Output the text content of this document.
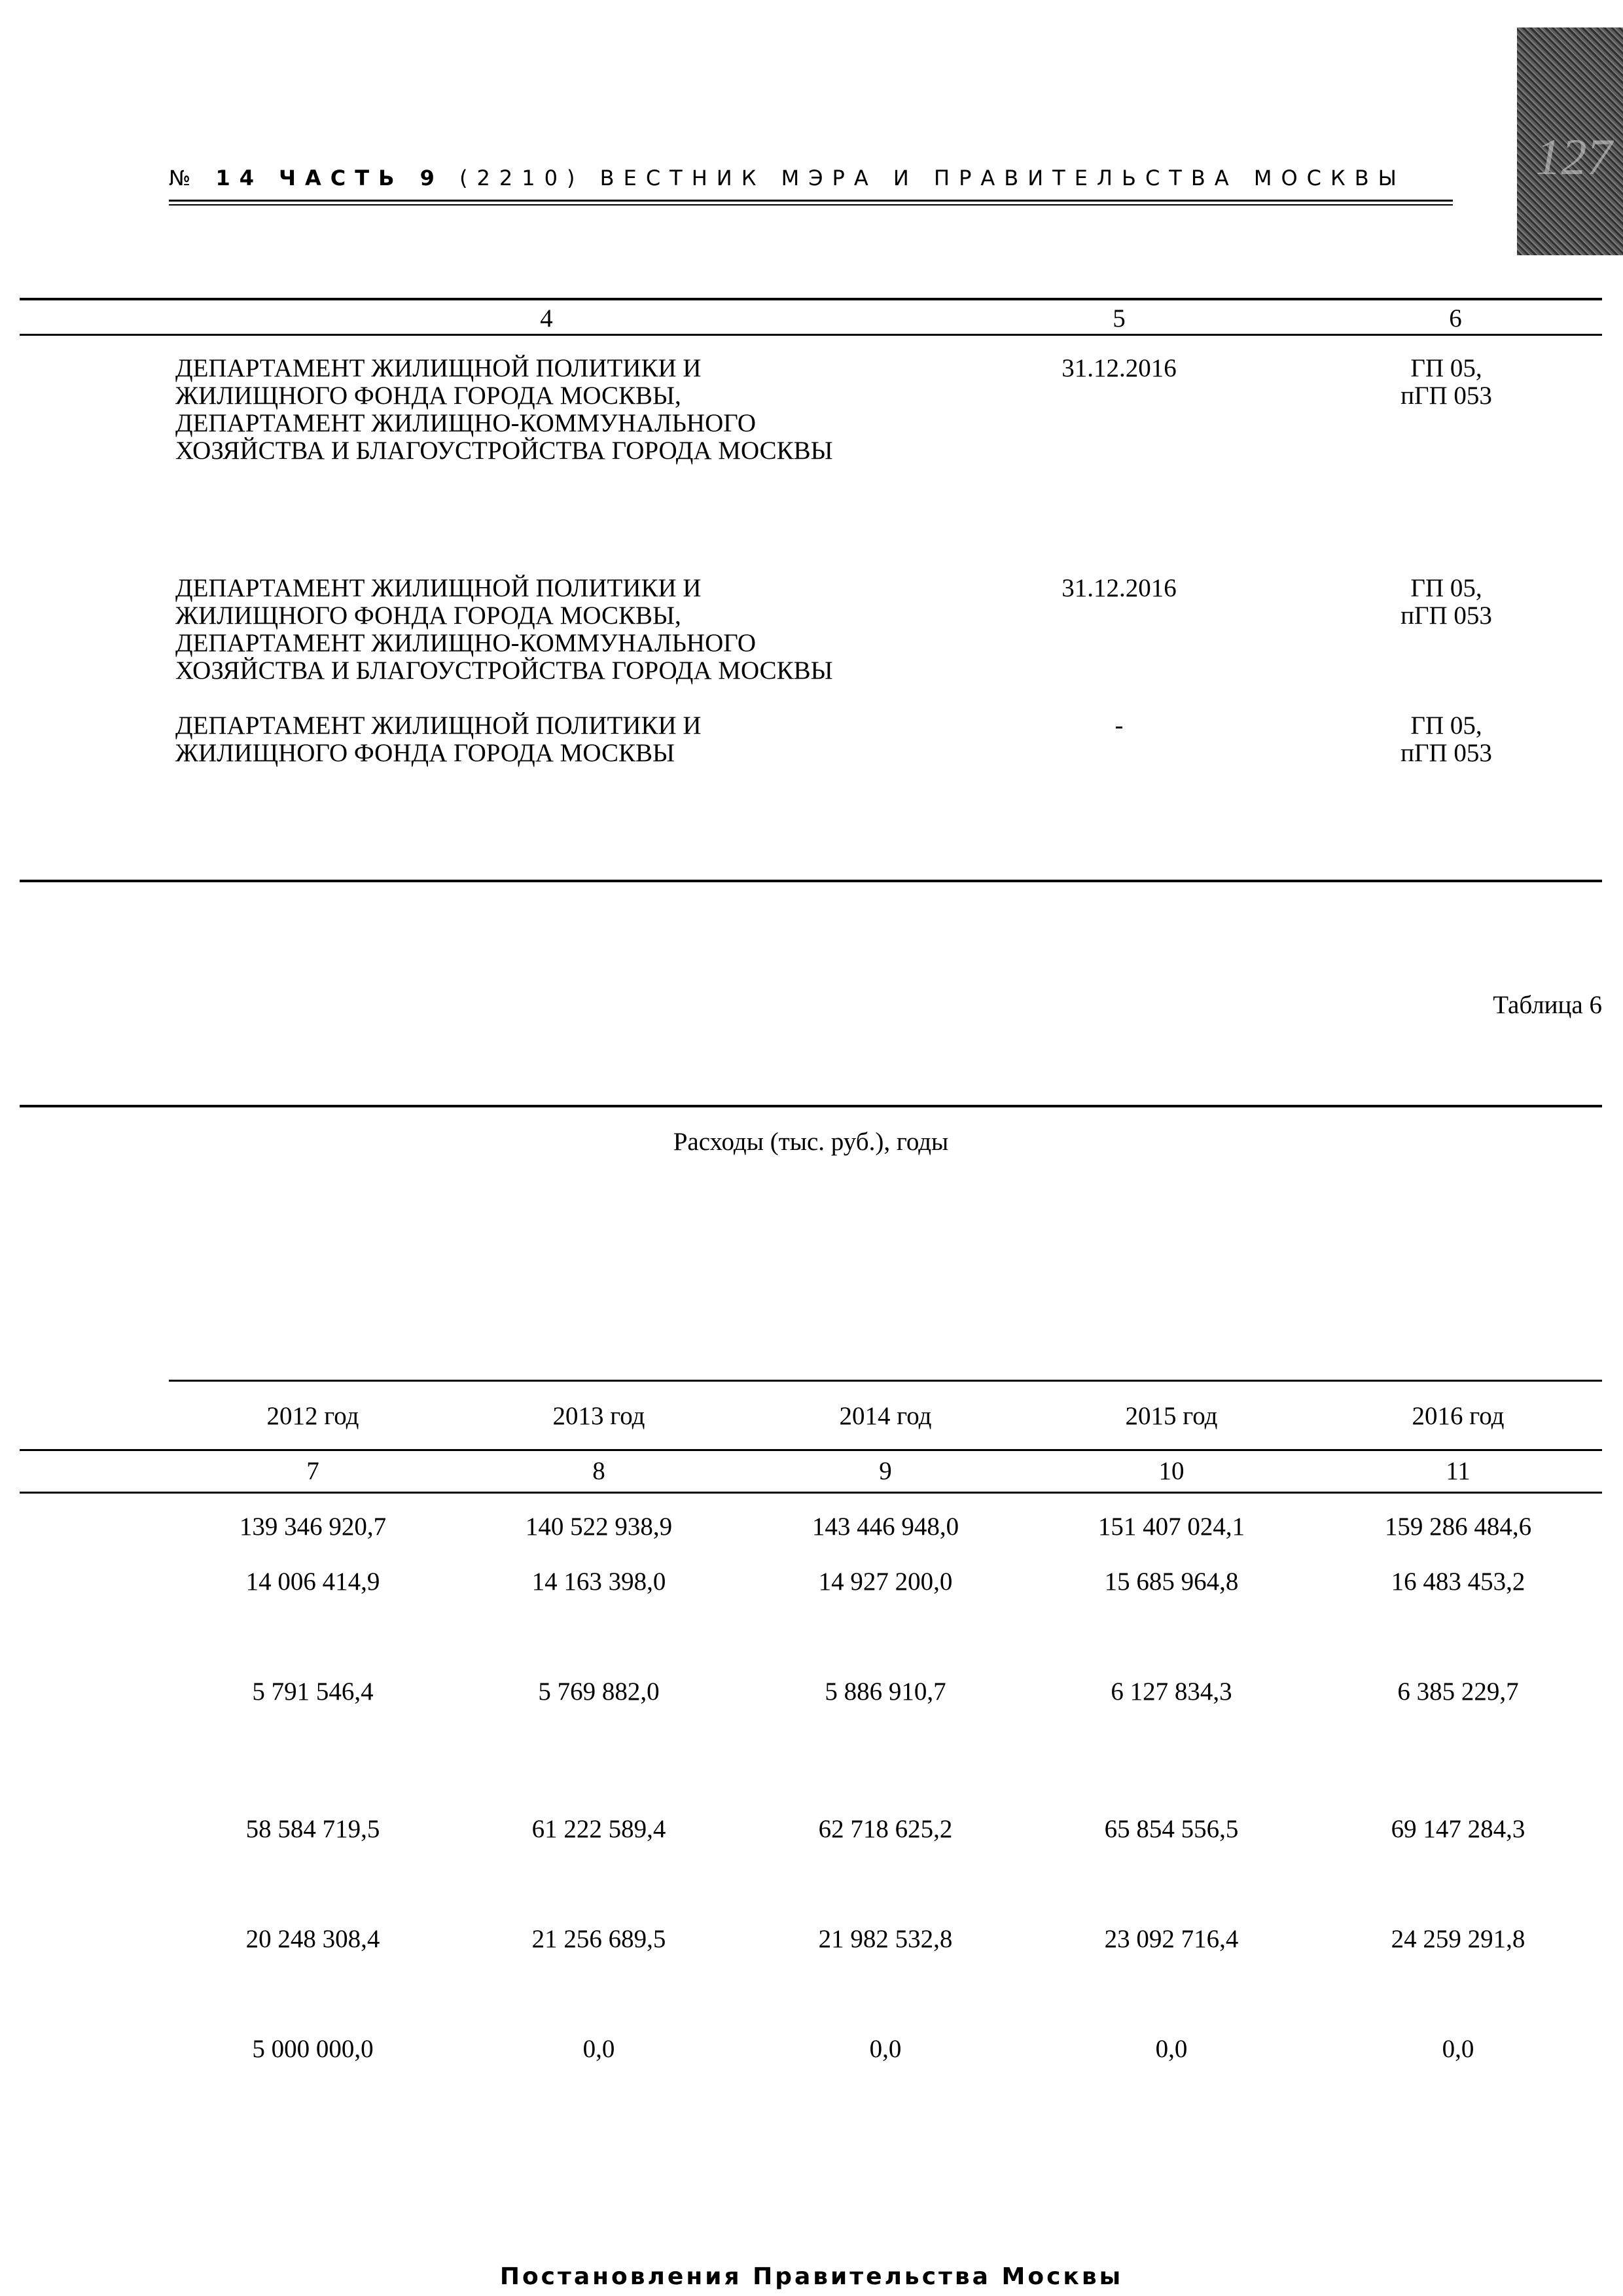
№ 14 ЧАСТЬ 9 (2210) ВЕСТНИК МЭРА И ПРАВИТЕЛЬСТВА МОСКВЫ	127
4	5	6
ДЕПАРТАМЕНТ ЖИЛИЩНОЙ ПОЛИТИКИ И
ЖИЛИЩНОГО ФОНДА ГОРОДА МОСКВЫ,
ДЕПАРТАМЕНТ ЖИЛИЩНО-КОММУНАЛЬНОГО
ХОЗЯЙСТВА И БЛАГОУСТРОЙСТВА ГОРОДА МОСКВЫ
31.12.2016	ГП 05,
пГП 053
ДЕПАРТАМЕНТ ЖИЛИЩНОЙ ПОЛИТИКИ И
ЖИЛИЩНОГО ФОНДА ГОРОДА МОСКВЫ,
ДЕПАРТАМЕНТ ЖИЛИЩНО-КОММУНАЛЬНОГО
ХОЗЯЙСТВА И БЛАГОУСТРОЙСТВА ГОРОДА МОСКВЫ
31.12.2016	ГП 05,
пГП 053
ДЕПАРТАМЕНТ ЖИЛИЩНОЙ ПОЛИТИКИ И
ЖИЛИЩНОГО ФОНДА ГОРОДА МОСКВЫ
-	ГП 05,
пГП 053
Таблица 6
Расходы (тыс. руб.), годы
2012 год	2013 год	2014 год	2015 год	2016 год
7	8	9	10	11
139 346 920,7	140 522 938,9	143 446 948,0	151 407 024,1	159 286 484,6
14 006 414,9	14 163 398,0	14 927 200,0	15 685 964,8	16 483 453,2
5 791 546,4	5 769 882,0	5 886 910,7	6 127 834,3	6 385 229,7
58 584 719,5	61 222 589,4	62 718 625,2	65 854 556,5	69 147 284,3
20 248 308,4	21 256 689,5	21 982 532,8	23 092 716,4	24 259 291,8
5 000 000,0	0,0	0,0	0,0	0,0
Постановления Правительства Москвы
